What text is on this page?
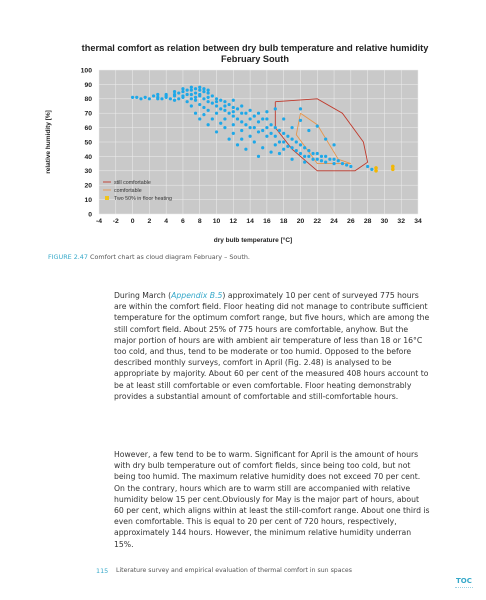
thermal comfort as relation between dry bulb temperature and relative humidity
February South
0
10
20
30
40
50
60
70
80
90
100
-4 -2 0 2 4 6 8 10 12 14 16 18 20 22 24 26 28 30 32 34
still comfortable
comfortable
Two 50% in floor heating
dry bulb temperature [°C]
relative humidity [%]
FIGURE 2.47 Comfort chart as cloud diagram February – South.
During March (Appendix B.5) approximately 10 per cent of surveyed 775 hours are within the comfort field. Floor heating did not manage to contribute sufficient temperature for the optimum comfort range, but five hours, which are among the still comfort field. About 25% of 775 hours are comfortable, anyhow. But the major portion of hours are with ambient air temperature of less than 18 or 16°C too cold, and thus, tend to be moderate or too humid. Opposed to the before described monthly surveys, comfort in April (Fig. 2.48) is analysed to be appropriate by majority. About 60 per cent of the measured 408 hours account to be at least still comfortable or even comfortable. Floor heating demonstrably provides a substantial amount of comfortable and still-comfortable hours.
However, a few tend to be to warm. Significant for April is the amount of hours with dry bulb temperature out of comfort fields, since being too cold, but not being too humid. The maximum relative humidity does not exceed 70 per cent. On the contrary, hours which are to warm still are accompanied with relative humidity below 15 per cent.Obviously for May is the major part of hours, about 60 per cent, which aligns within at least the still-comfort range. About one third is even comfortable. This is equal to 20 per cent of 720 hours, respectively, approximately 144 hours. However, the minimum relative humidity underran 15%.
115 Literature survey and empirical evaluation of thermal comfort in sun spaces
TOC
